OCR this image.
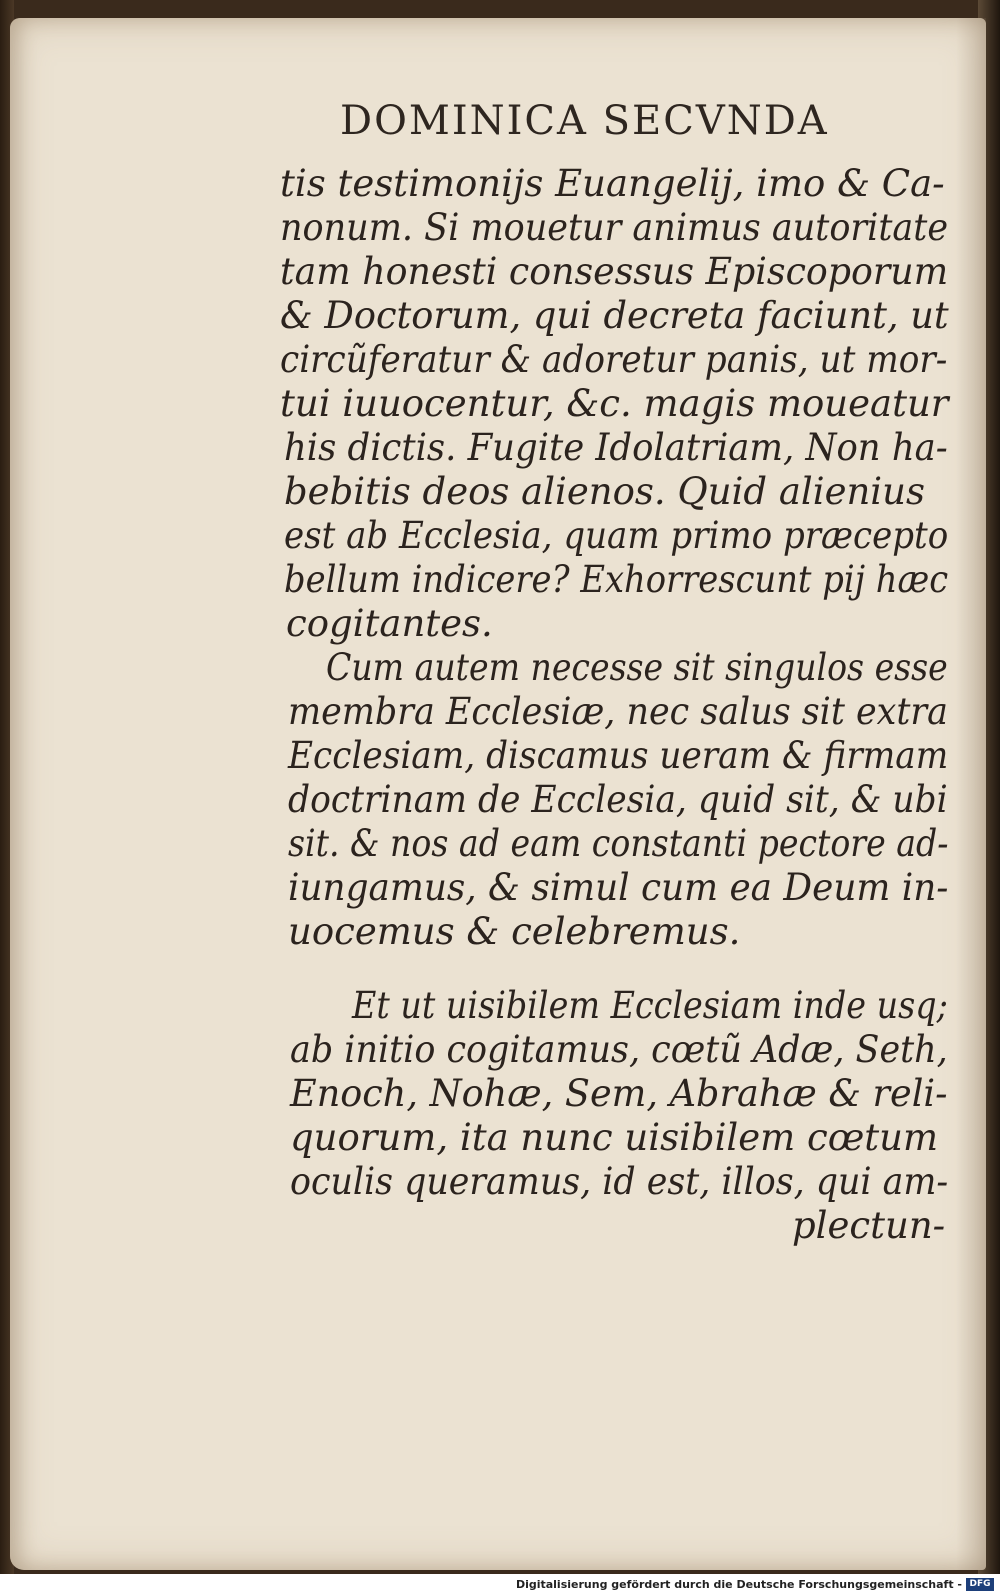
DOMINICA SECVNDA
tis testimonijs Euangelij, imo & Ca-
nonum. Si mouetur animus autoritate
tam honesti consessus Episcoporum
& Doctorum, qui decreta faciunt, ut
circũferatur & adoretur panis, ut mor-
tui iuuocentur, &c. magis moueatur
his dictis. Fugite Idolatriam, Non ha-
bebitis deos alienos. Quid alienius
est ab Ecclesia, quam primo præcepto
bellum indicere? Exhorrescunt pij hæc
cogitantes.
Cum autem necesse sit singulos esse
membra Ecclesiæ, nec salus sit extra
Ecclesiam, discamus ueram & firmam
doctrinam de Ecclesia, quid sit, & ubi
sit. & nos ad eam constanti pectore ad-
iungamus, & simul cum ea Deum in-
uocemus & celebremus.
Et ut uisibilem Ecclesiam inde usq;
ab initio cogitamus, cœtũ Adæ, Seth,
Enoch, Nohæ, Sem, Abrahæ & reli-
quorum, ita nunc uisibilem cœtum
oculis queramus, id est, illos, qui am-
plectun-
Digitalisierung gefördert durch die Deutsche Forschungsgemeinschaft - DFG
